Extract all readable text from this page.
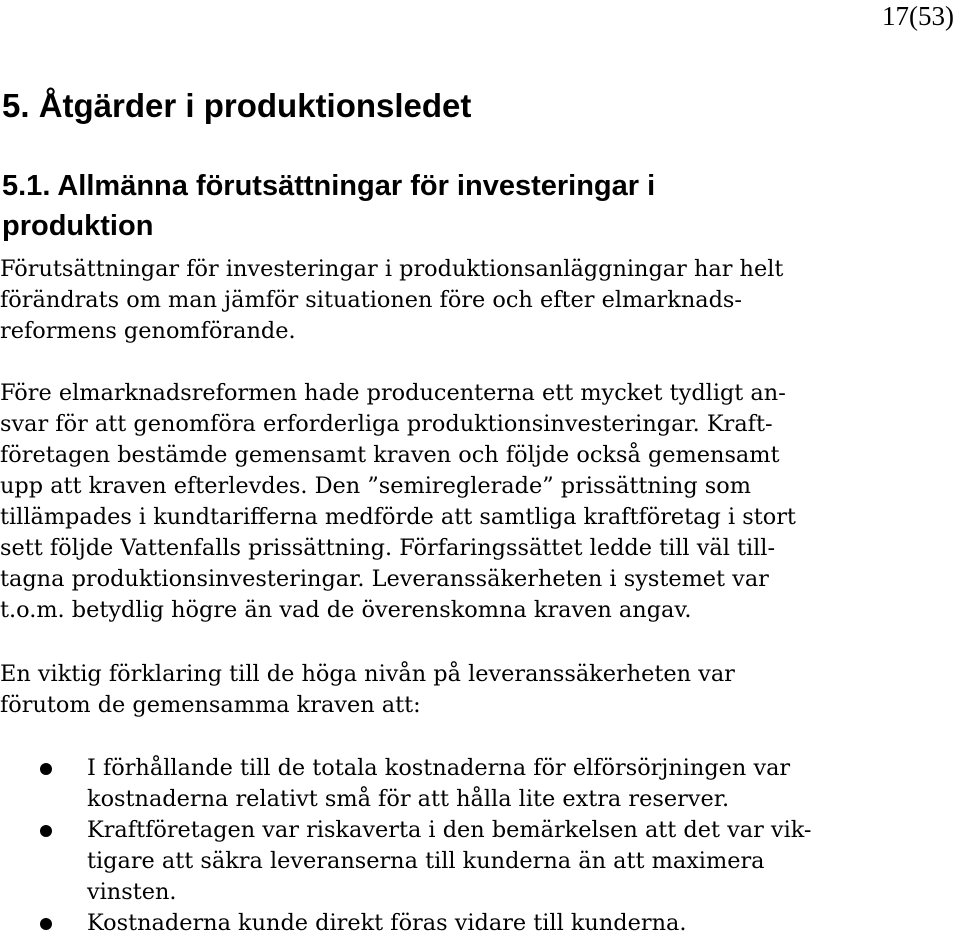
17(53)
5. Åtgärder i produktionsledet
5.1. Allmänna förutsättningar för investeringar i
produktion
Förutsättningar för investeringar i produktionsanläggningar har helt
förändrats om man jämför situationen före och efter elmarknads-
reformens genomförande.
Före elmarknadsreformen hade producenterna ett mycket tydligt an-
svar för att genomföra erforderliga produktionsinvesteringar. Kraft-
företagen bestämde gemensamt kraven och följde också gemensamt
upp att kraven efterlevdes. Den ”semireglerade” prissättning som
tillämpades i kundtarifferna medförde att samtliga kraftföretag i stort
sett följde Vattenfalls prissättning. Förfaringssättet ledde till väl till-
tagna produktionsinvesteringar. Leveranssäkerheten i systemet var
t.o.m. betydlig högre än vad de överenskomna kraven angav.
En viktig förklaring till de höga nivån på leveranssäkerheten var
förutom de gemensamma kraven att:
I förhållande till de totala kostnaderna för elförsörjningen var
kostnaderna relativt små för att hålla lite extra reserver.
Kraftföretagen var riskaverta i den bemärkelsen att det var vik-
tigare att säkra leveranserna till kunderna än att maximera
vinsten.
Kostnaderna kunde direkt föras vidare till kunderna.
